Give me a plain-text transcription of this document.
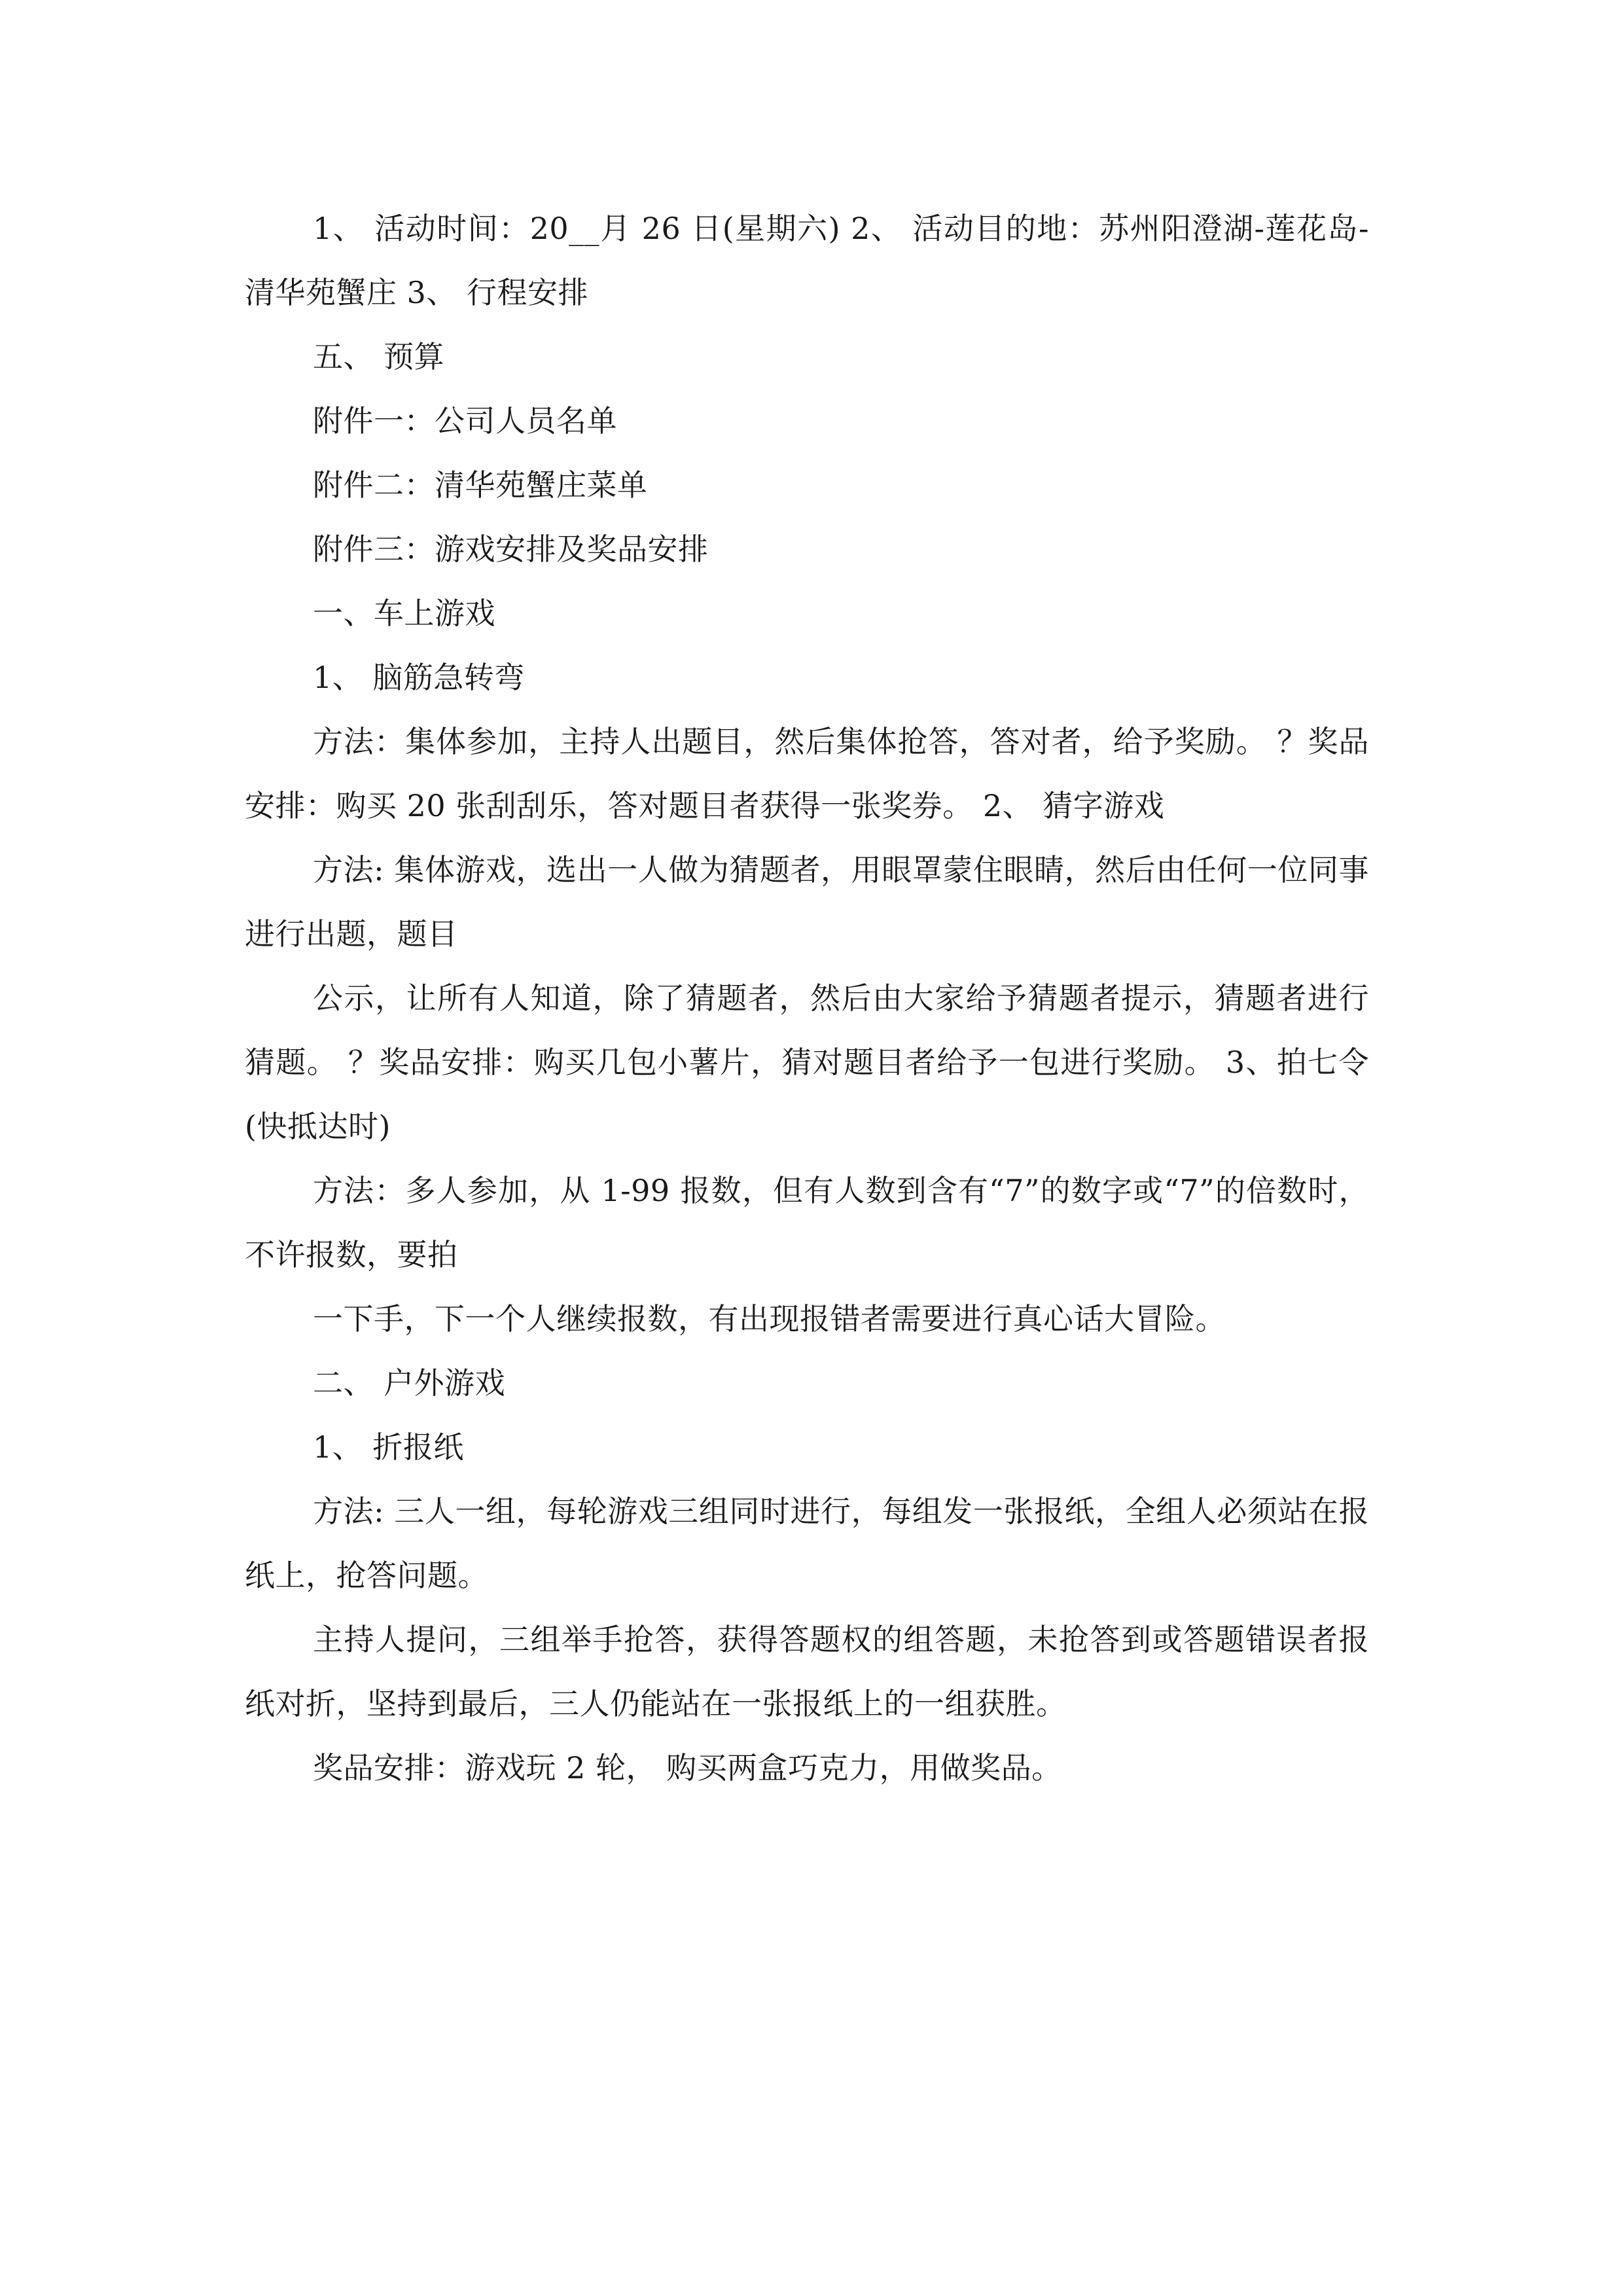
1、 活动时间：20__月 26 日(星期六) 2、 活动目的地：苏州阳澄湖-莲花岛-清华苑蟹庄 3、 行程安排

五、 预算

附件一：公司人员名单

附件二：清华苑蟹庄菜单

附件三：游戏安排及奖品安排

一、车上游戏

1、 脑筋急转弯

方法：集体参加，主持人出题目，然后集体抢答，答对者，给予奖励。 ？奖品安排：购买 20 张刮刮乐，答对题目者获得一张奖券。 2、 猜字游戏

方法: 集体游戏，选出一人做为猜题者，用眼罩蒙住眼睛，然后由任何一位同事进行出题，题目

公示，让所有人知道，除了猜题者，然后由大家给予猜题者提示，猜题者进行猜题。 ？奖品安排：购买几包小薯片，猜对题目者给予一包进行奖励。 3、拍七令(快抵达时)

方法：多人参加，从 1-99 报数，但有人数到含有“7”的数字或“7”的倍数时，不许报数，要拍

一下手，下一个人继续报数，有出现报错者需要进行真心话大冒险。

二、 户外游戏

1、 折报纸

方法: 三人一组，每轮游戏三组同时进行，每组发一张报纸，全组人必须站在报纸上，抢答问题。

主持人提问，三组举手抢答，获得答题权的组答题，未抢答到或答题错误者报纸对折，坚持到最后，三人仍能站在一张报纸上的一组获胜。

奖品安排：游戏玩 2 轮， 购买两盒巧克力，用做奖品。
